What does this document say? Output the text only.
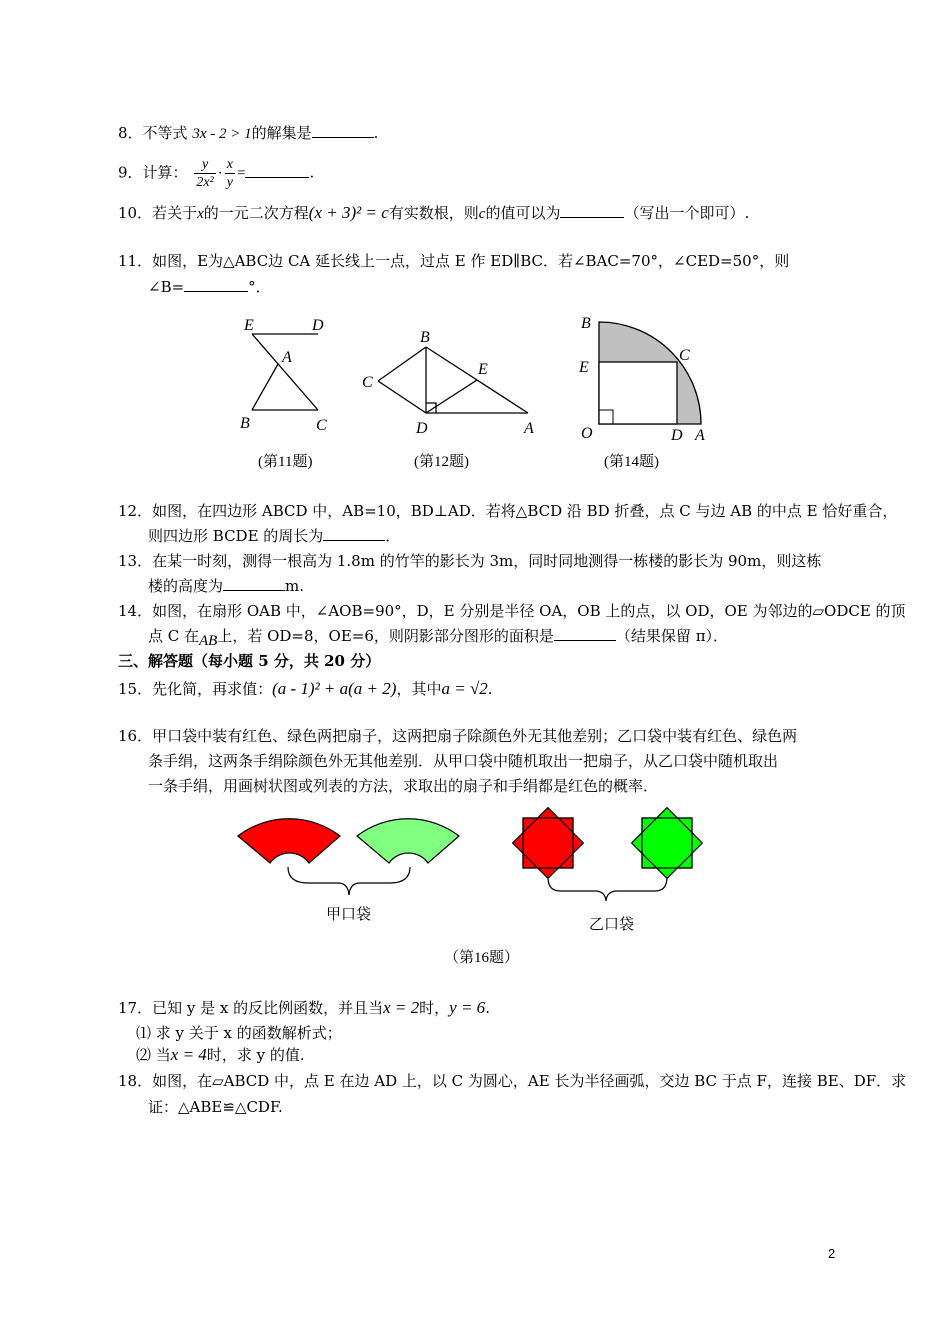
8．不等式 3x - 2 > 1的解集是	.
9．计算： $\frac{y}{\text{2x²}} \cdot \frac{x}{y}$ =	.
10．若关于x的一元二次方程(x + 3)² = c有实数根，则c的值可以为	（写出一个即可）.
11．如图，E为△ABC边 CA 延长线上一点，过点 E 作 ED∥BC．若∠BAC=70°，∠CED=50°，则
∠B=	°．
E	D
A
B	C
(第11题)
B
C
E
D	A
(第12题)
B
E
C
O	D A
(第14题)
12．如图，在四边形 ABCD 中，AB=10，BD⊥AD．若将△BCD 沿 BD 折叠，点 C 与边 AB 的中点 E 恰好重合，
则四边形 BCDE 的周长为	．
13．在某一时刻，测得一根高为 1.8m 的竹竿的影长为 3m，同时同地测得一栋楼的影长为 90m，则这栋
楼的高度为	m.
14．如图，在扇形 OAB 中，∠AOB=90°，D，E 分别是半径 OA，OB 上的点，以 OD，OE 为邻边的▱ODCE 的顶
点 C 在AB上，若 OD=8，OE=6，则阴影部分图形的面积是	（结果保留 π）．
三、解答题（每小题 5 分，共 20 分）
15．先化简，再求值：(a - 1)² + a(a + 2)，其中a = √2.
16．甲口袋中装有红色、绿色两把扇子，这两把扇子除颜色外无其他差别；乙口袋中装有红色、绿色两
条手绢，这两条手绢除颜色外无其他差别．从甲口袋中随机取出一把扇子，从乙口袋中随机取出
一条手绢，用画树状图或列表的方法，求取出的扇子和手绢都是红色的概率．
甲口袋
乙口袋
（第16题）
17．已知 y 是 x 的反比例函数，并且当x = 2时，y = 6.
⑴ 求 y 关于 x 的函数解析式；
⑵ 当x = 4时，求 y 的值.
18．如图，在▱ABCD 中，点 E 在边 AD 上，以 C 为圆心，AE 长为半径画弧，交边 BC 于点 F，连接 BE、DF．求
证：△ABE≌△CDF.
2
